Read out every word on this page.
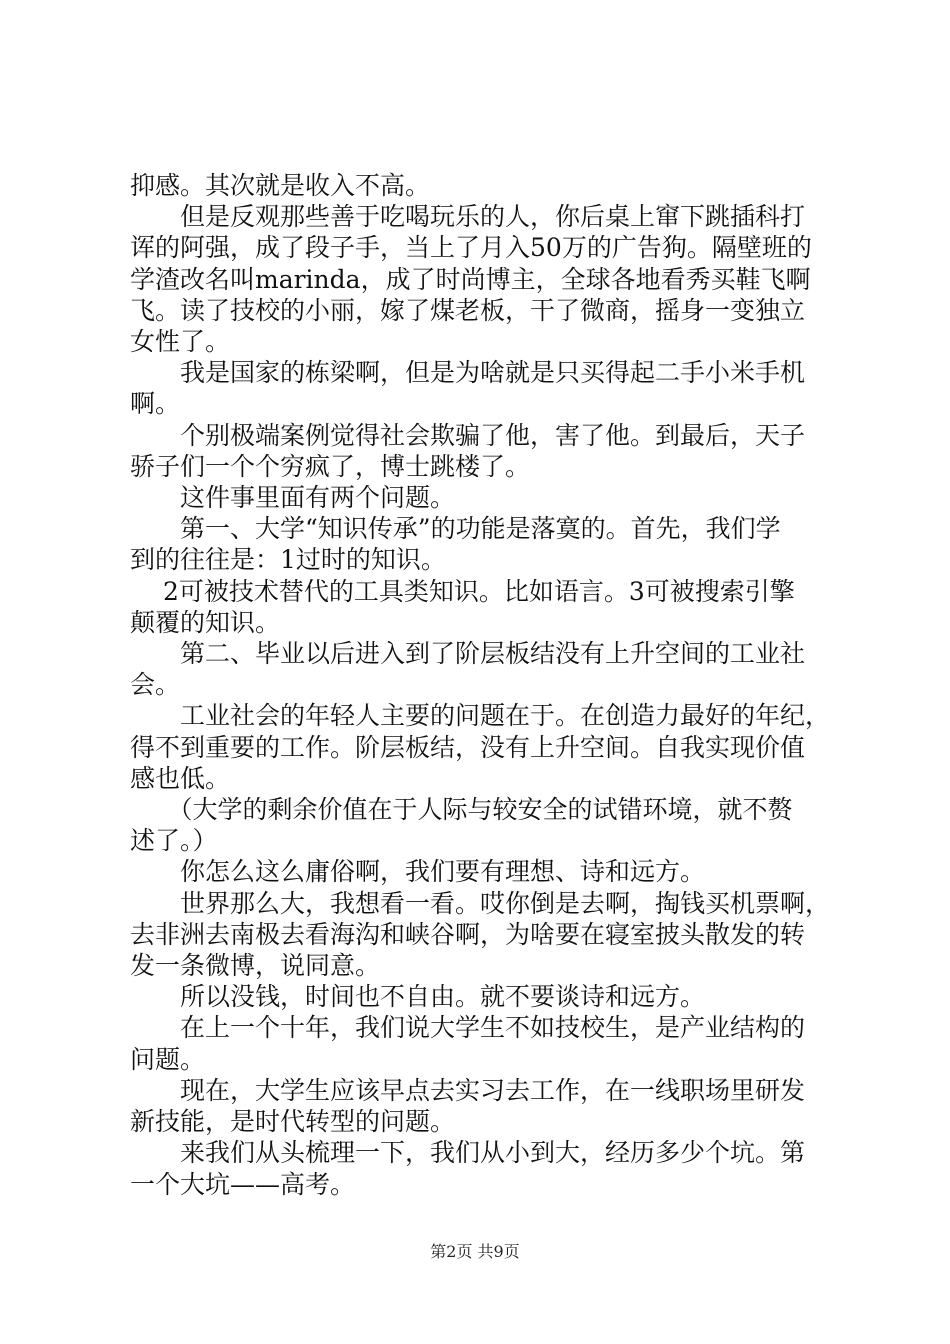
抑感。其次就是收入不高。

　　但是反观那些善于吃喝玩乐的人，你后桌上窜下跳插科打
诨的阿强，成了段子手，当上了月入50万的广告狗。隔壁班的
学渣改名叫marinda，成了时尚博主，全球各地看秀买鞋飞啊
飞。读了技校的小丽，嫁了煤老板，干了微商，摇身一变独立
女性了。

　　我是国家的栋梁啊，但是为啥就是只买得起二手小米手机
啊。

　　个别极端案例觉得社会欺骗了他，害了他。到最后，天子
骄子们一个个穷疯了，博士跳楼了。

　　这件事里面有两个问题。

　　第一、大学“知识传承”的功能是落寞的。首先，我们学
到的往往是：1过时的知识。

　 2可被技术替代的工具类知识。比如语言。3可被搜索引擎
颠覆的知识。

　　第二、毕业以后进入到了阶层板结没有上升空间的工业社
会。

　　工业社会的年轻人主要的问题在于。在创造力最好的年纪，
得不到重要的工作。阶层板结，没有上升空间。自我实现价值
感也低。

　　（大学的剩余价值在于人际与较安全的试错环境，就不赘
述了。）

　　你怎么这么庸俗啊，我们要有理想、诗和远方。

　　世界那么大，我想看一看。哎你倒是去啊，掏钱买机票啊，
去非洲去南极去看海沟和峡谷啊，为啥要在寝室披头散发的转
发一条微博，说同意。

　　所以没钱，时间也不自由。就不要谈诗和远方。

　　在上一个十年，我们说大学生不如技校生，是产业结构的
问题。

　　现在，大学生应该早点去实习去工作，在一线职场里研发
新技能，是时代转型的问题。

　　来我们从头梳理一下，我们从小到大，经历多少个坑。第
一个大坑——高考。

第2页 共9页
